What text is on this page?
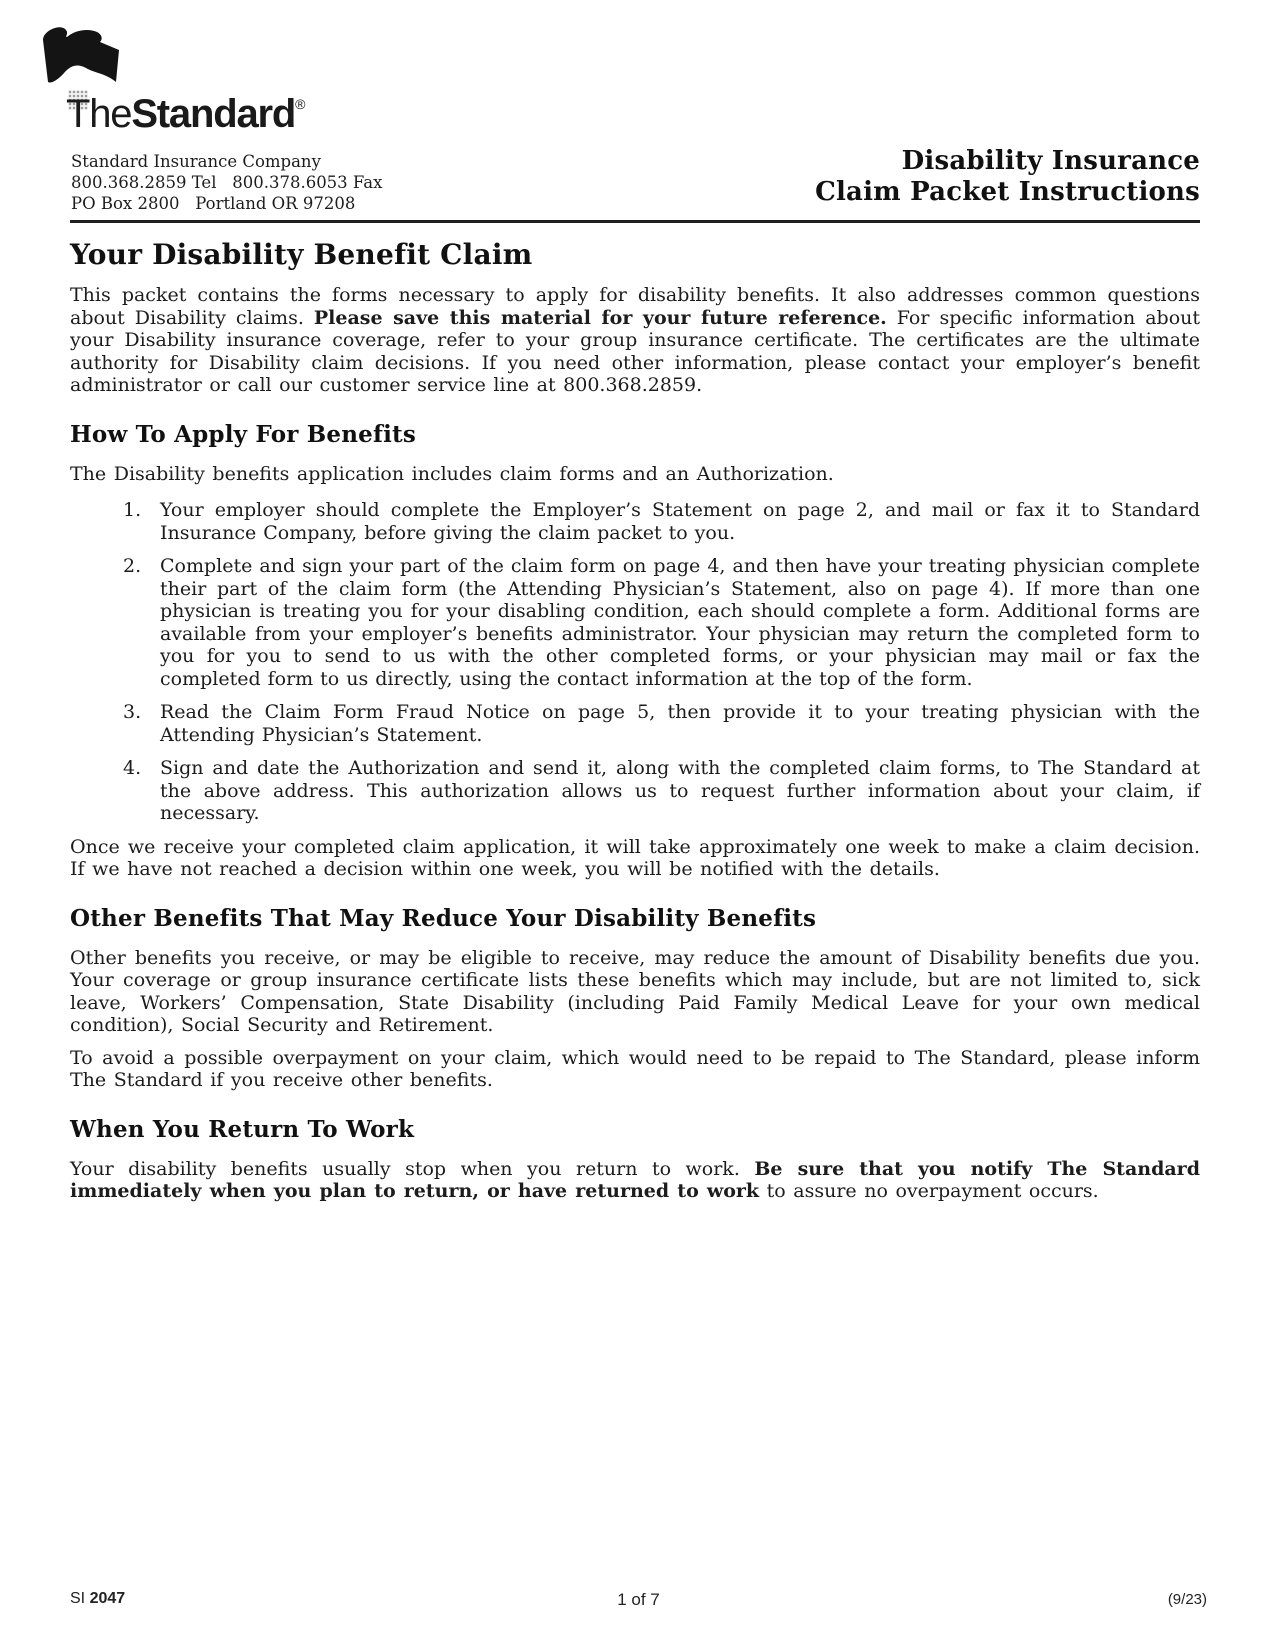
TheStandard®
Standard Insurance Company
800.368.2859 Tel   800.378.6053 Fax
PO Box 2800   Portland OR 97208
Disability Insurance
Claim Packet Instructions
Your Disability Benefit Claim

This packet contains the forms necessary to apply for disability benefits. It also addresses common questions about Disability claims. Please save this material for your future reference. For specific information about your Disability insurance coverage, refer to your group insurance certificate. The certificates are the ultimate authority for Disability claim decisions. If you need other information, please contact your employer’s benefit administrator or call our customer service line at 800.368.2859.

How To Apply For Benefits

The Disability benefits application includes claim forms and an Authorization.

1. Your employer should complete the Employer’s Statement on page 2, and mail or fax it to Standard Insurance Company, before giving the claim packet to you.
2. Complete and sign your part of the claim form on page 4, and then have your treating physician complete their part of the claim form (the Attending Physician’s Statement, also on page 4). If more than one physician is treating you for your disabling condition, each should complete a form. Additional forms are available from your employer’s benefits administrator. Your physician may return the completed form to you for you to send to us with the other completed forms, or your physician may mail or fax the completed form to us directly, using the contact information at the top of the form.
3. Read the Claim Form Fraud Notice on page 5, then provide it to your treating physician with the Attending Physician’s Statement.
4. Sign and date the Authorization and send it, along with the completed claim forms, to The Standard at the above address. This authorization allows us to request further information about your claim, if necessary.

Once we receive your completed claim application, it will take approximately one week to make a claim decision. If we have not reached a decision within one week, you will be notified with the details.

Other Benefits That May Reduce Your Disability Benefits

Other benefits you receive, or may be eligible to receive, may reduce the amount of Disability benefits due you. Your coverage or group insurance certificate lists these benefits which may include, but are not limited to, sick leave, Workers’ Compensation, State Disability (including Paid Family Medical Leave for your own medical condition), Social Security and Retirement.

To avoid a possible overpayment on your claim, which would need to be repaid to The Standard, please inform The Standard if you receive other benefits.

When You Return To Work

Your disability benefits usually stop when you return to work. Be sure that you notify The Standard immediately when you plan to return, or have returned to work to assure no overpayment occurs.

SI 2047	1 of 7	(9/23)
